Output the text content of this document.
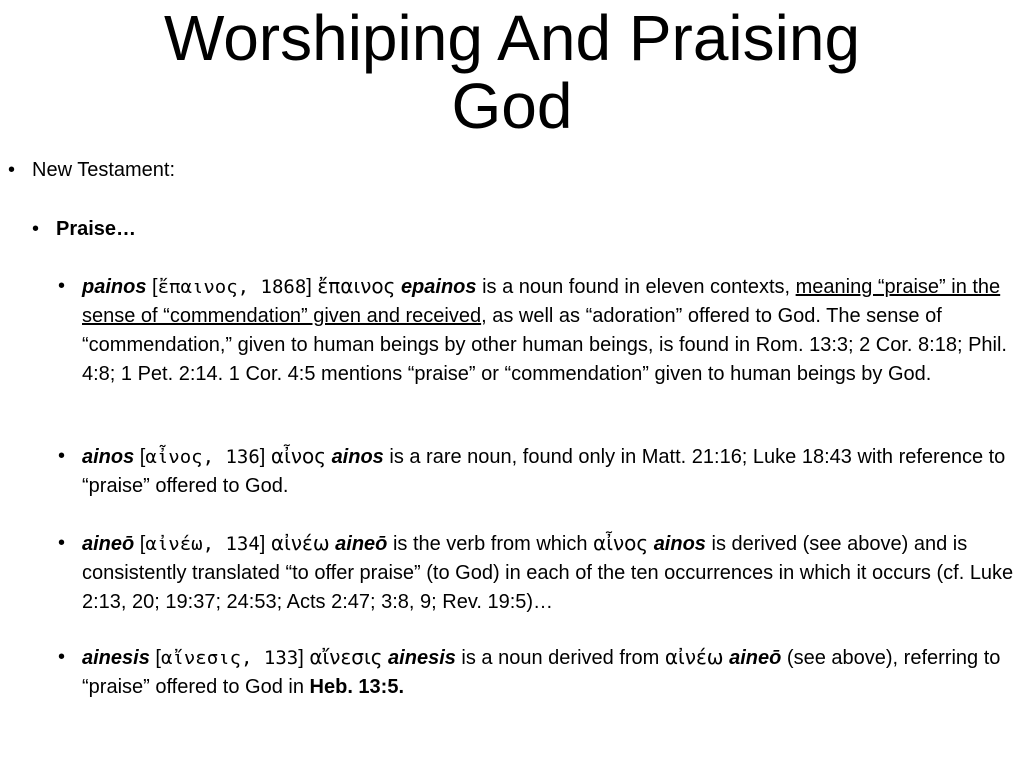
Worshiping And Praising
God
• New Testament:
• Praise…
• painos [ἔπαινος, 1868] ἔπαινος epainos is a noun found in eleven contexts, meaning “praise” in the sense of “commendation” given and received, as well as “adoration” offered to God. The sense of “commendation,” given to human beings by other human beings, is found in Rom. 13:3; 2 Cor. 8:18; Phil. 4:8; 1 Pet. 2:14. 1 Cor. 4:5 mentions “praise” or “commendation” given to human beings by God.
• ainos [αἶνος, 136] αἶνος ainos is a rare noun, found only in Matt. 21:16; Luke 18:43 with reference to “praise” offered to God.
• aineō [αἰνέω, 134] αἰνέω aineō is the verb from which αἶνος ainos is derived (see above) and is consistently translated “to offer praise” (to God) in each of the ten occurrences in which it occurs (cf. Luke 2:13, 20; 19:37; 24:53; Acts 2:47; 3:8, 9; Rev. 19:5)…
• ainesis [αἴνεσις, 133] αἴνεσις ainesis is a noun derived from αἰνέω aineō (see above), referring to “praise” offered to God in Heb. 13:5.
